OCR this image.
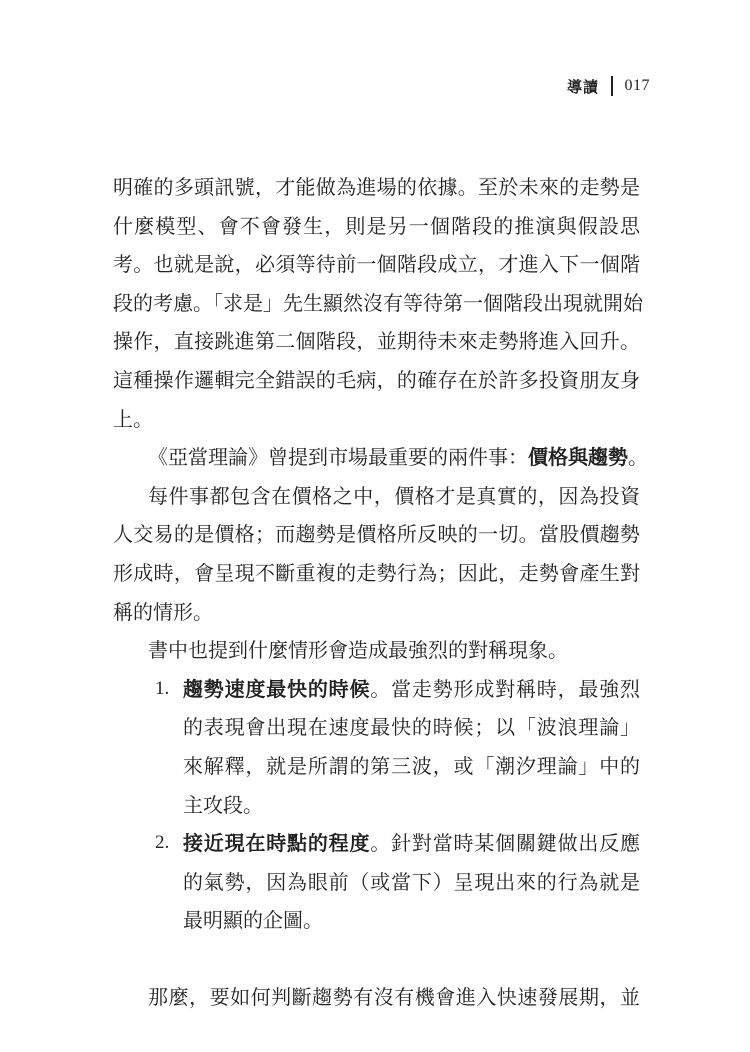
導讀 017
明確的多頭訊號，才能做為進場的依據。至於未來的走勢是
什麼模型、會不會發生，則是另一個階段的推演與假設思
考。也就是說，必須等待前一個階段成立，才進入下一個階
段的考慮。「求是」先生顯然沒有等待第一個階段出現就開始
操作，直接跳進第二個階段，並期待未來走勢將進入回升。
這種操作邏輯完全錯誤的毛病，的確存在於許多投資朋友身
上。
《亞當理論》曾提到市場最重要的兩件事：價格與趨勢。
每件事都包含在價格之中，價格才是真實的，因為投資
人交易的是價格；而趨勢是價格所反映的一切。當股價趨勢
形成時，會呈現不斷重複的走勢行為；因此，走勢會產生對
稱的情形。
書中也提到什麼情形會造成最強烈的對稱現象。
1. 趨勢速度最快的時候。當走勢形成對稱時，最強烈
的表現會出現在速度最快的時候；以「波浪理論」
來解釋，就是所謂的第三波，或「潮汐理論」中的
主攻段。
2. 接近現在時點的程度。針對當時某個關鍵做出反應
的氣勢，因為眼前（或當下）呈現出來的行為就是
最明顯的企圖。
那麼，要如何判斷趨勢有沒有機會進入快速發展期，並
